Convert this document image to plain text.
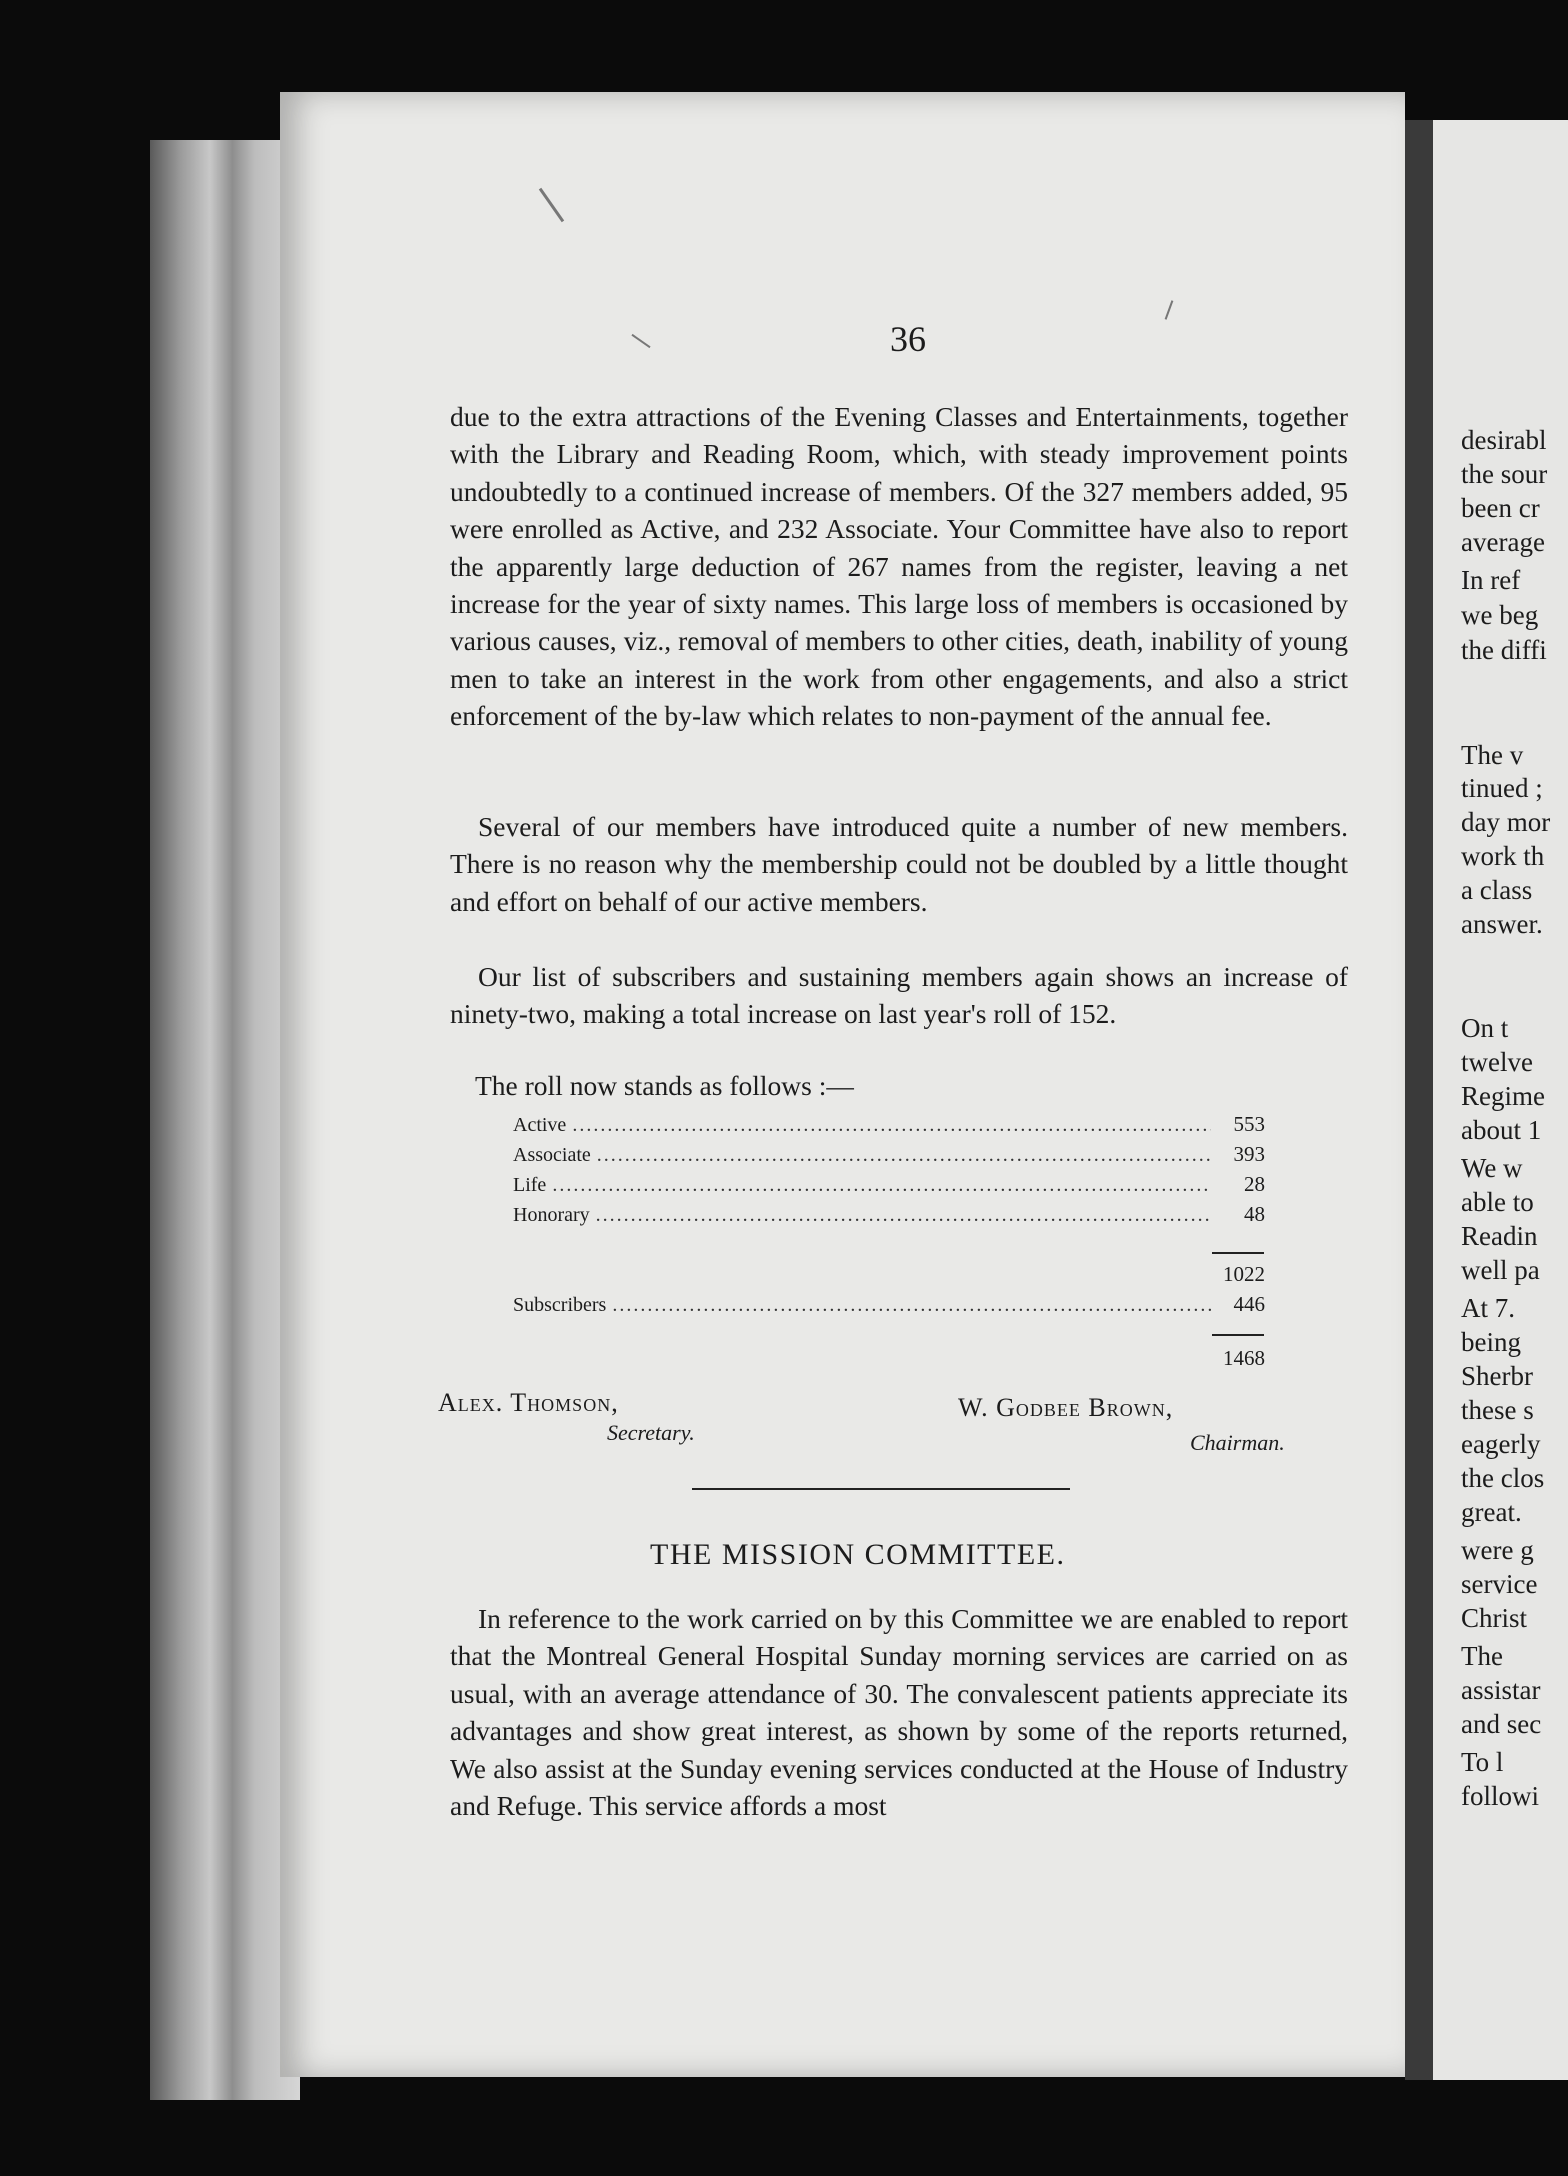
desirabl
the sour
been cr
average
In ref
we beg
the diffi
The v
tinued ;
day mor
work th
a class
answer.
On t
twelve
Regime
about 1
We w
able to
Readin
well pa
At 7.
being
Sherbr
these s
eagerly
the clos
great.
were g
service
Christ
The
assistar
and sec
To l
followi
36

due to the extra attractions of the Evening Classes and Entertainments, together with the Library and Reading Room, which, with steady improvement points undoubtedly to a continued increase of members. Of the 327 members added, 95 were enrolled as Active, and 232 Associate. Your Committee have also to report the apparently large deduction of 267 names from the register, leaving a net increase for the year of sixty names. This large loss of members is occasioned by various causes, viz., removal of members to other cities, death, inability of young men to take an interest in the work from other engagements, and also a strict enforcement of the by-law which relates to non-payment of the annual fee.

Several of our members have introduced quite a number of new members. There is no reason why the membership could not be doubled by a little thought and effort on behalf of our active members.

Our list of subscribers and sustaining members again shows an increase of ninety-two, making a total increase on last year's roll of 152.

The roll now stands as follows :—
Active .....	553
Associate .....	393
Life .....	28
Honorary .....	48
1022
Subscribers .....	446
1468
Alex. Thomson,
Secretary.
W. Godbee Brown,
Chairman.
THE MISSION COMMITTEE.

In reference to the work carried on by this Committee we are enabled to report that the Montreal General Hospital Sunday morning services are carried on as usual, with an average attendance of 30. The convalescent patients appreciate its advantages and show great interest, as shown by some of the reports returned, We also assist at the Sunday evening services conducted at the House of Industry and Refuge. This service affords a most
